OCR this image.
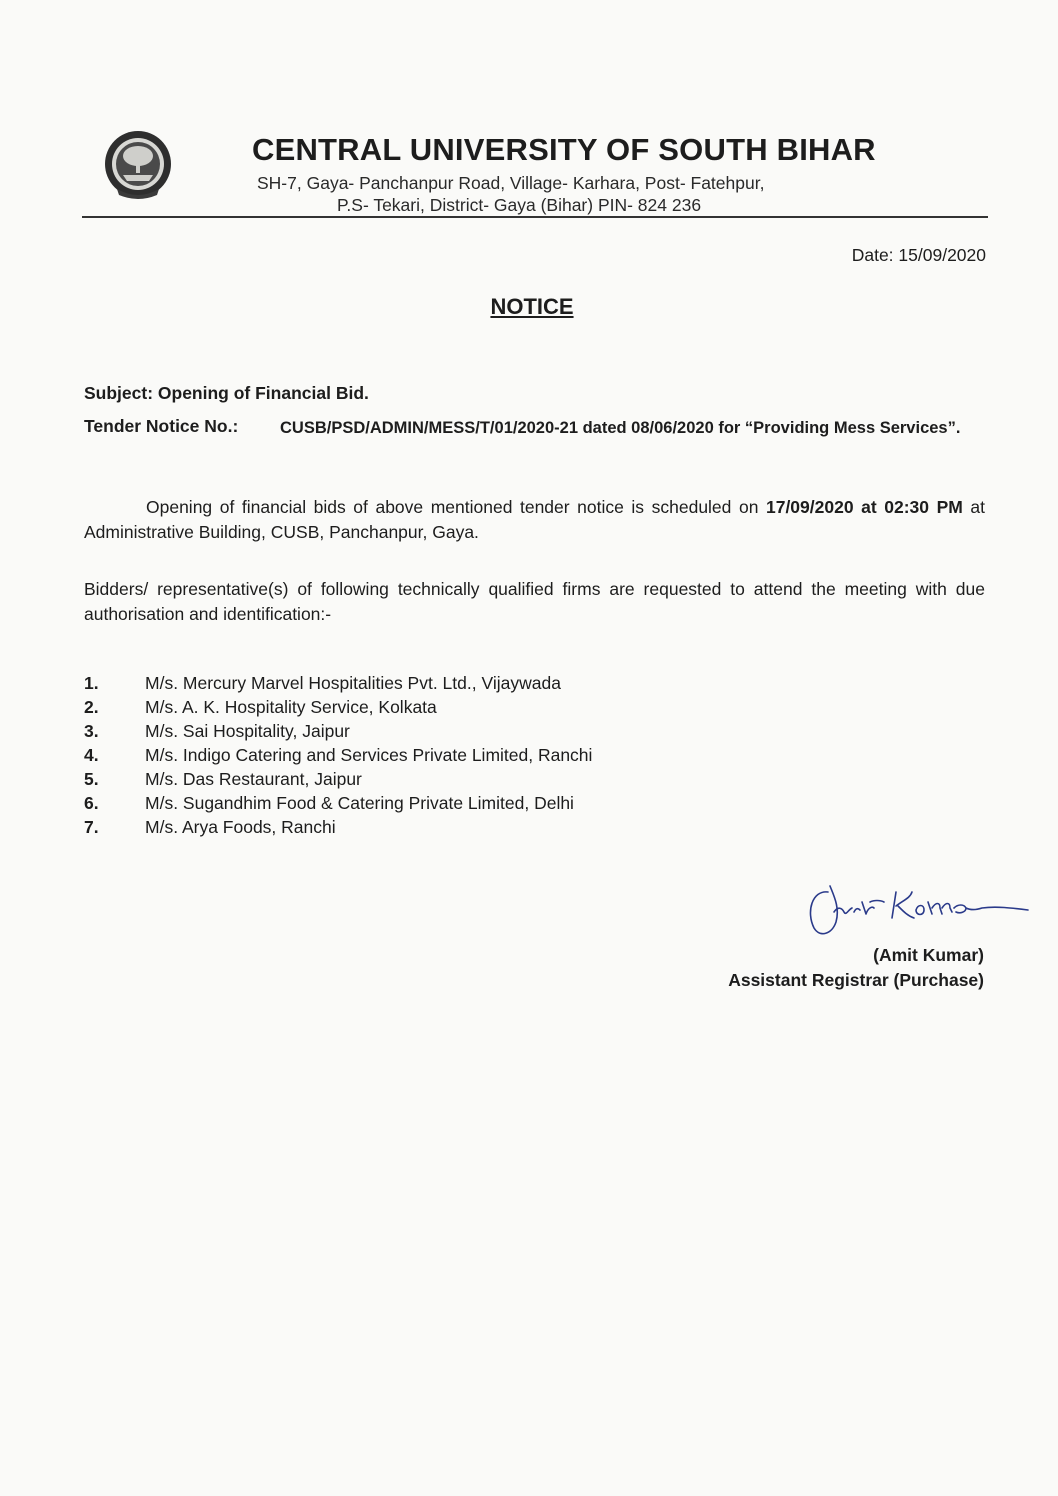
CENTRAL UNIVERSITY OF SOUTH BIHAR
SH-7, Gaya- Panchanpur Road, Village- Karhara, Post- Fatehpur,
P.S- Tekari, District- Gaya (Bihar) PIN- 824 236
Date: 15/09/2020
NOTICE
Subject: Opening of Financial Bid.
Tender Notice No.:	CUSB/PSD/ADMIN/MESS/T/01/2020-21 dated 08/06/2020 for “Providing Mess Services”.
Opening of financial bids of above mentioned tender notice is scheduled on 17/09/2020 at 02:30 PM at Administrative Building, CUSB, Panchanpur, Gaya.
Bidders/ representative(s) of following technically qualified firms are requested to attend the meeting with due authorisation and identification:-
1.	M/s. Mercury Marvel Hospitalities Pvt. Ltd., Vijaywada
2.	M/s. A. K. Hospitality Service, Kolkata
3.	M/s. Sai Hospitality, Jaipur
4.	M/s. Indigo Catering and Services Private Limited, Ranchi
5.	M/s. Das Restaurant, Jaipur
6.	M/s. Sugandhim Food & Catering Private Limited, Delhi
7.	M/s. Arya Foods, Ranchi
(Amit Kumar)
Assistant Registrar (Purchase)
